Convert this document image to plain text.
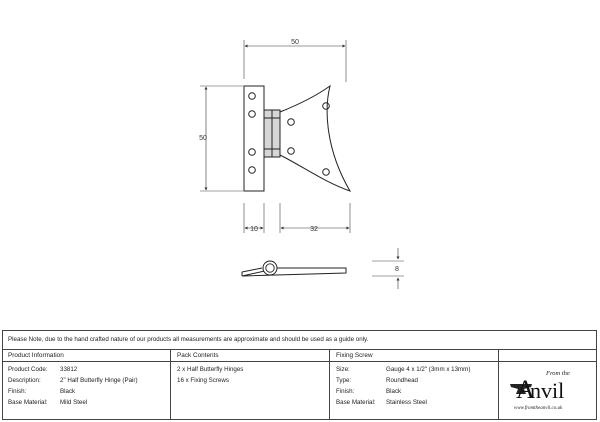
50
50
10	32
8
Please Note, due to the hand crafted nature of our products all measurements are approximate and should be used as a guide only.
Product Information
Product Code: 33812
Description:	2" Half Butterfly Hinge (Pair)
Finish:	Black
Base Material: Mild Steel
Pack Contents
2 x Half Butterfly Hinges
16 x Fixing Screws
Fixing Screw
Size:	Gauge 4 x 1/2" (3mm x 13mm)
Type:	Roundhead
Finish:	Black
Base Material: Stainless Steel
From the
nvil
A
www.fromtheanvil.co.uk
